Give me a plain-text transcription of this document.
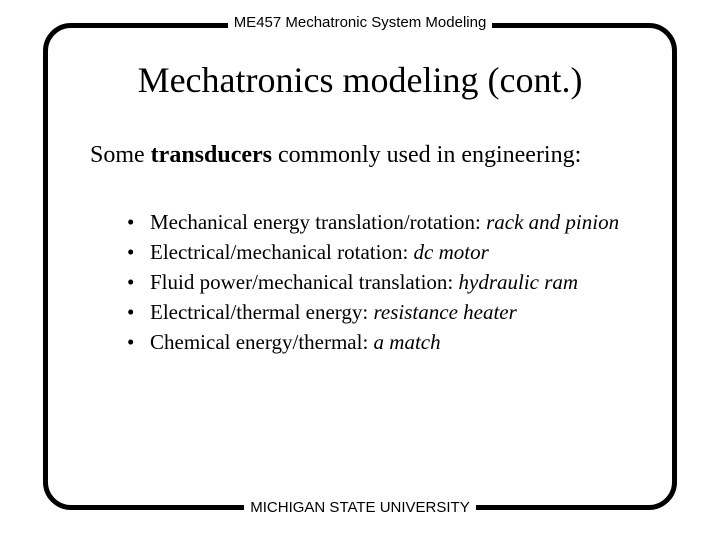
ME457 Mechatronic System Modeling
Mechatronics modeling (cont.)
Some transducers commonly used in engineering:
• Mechanical energy translation/rotation: rack and pinion
• Electrical/mechanical rotation: dc motor
• Fluid power/mechanical translation: hydraulic ram
• Electrical/thermal energy: resistance heater
• Chemical energy/thermal: a match
MICHIGAN STATE UNIVERSITY
